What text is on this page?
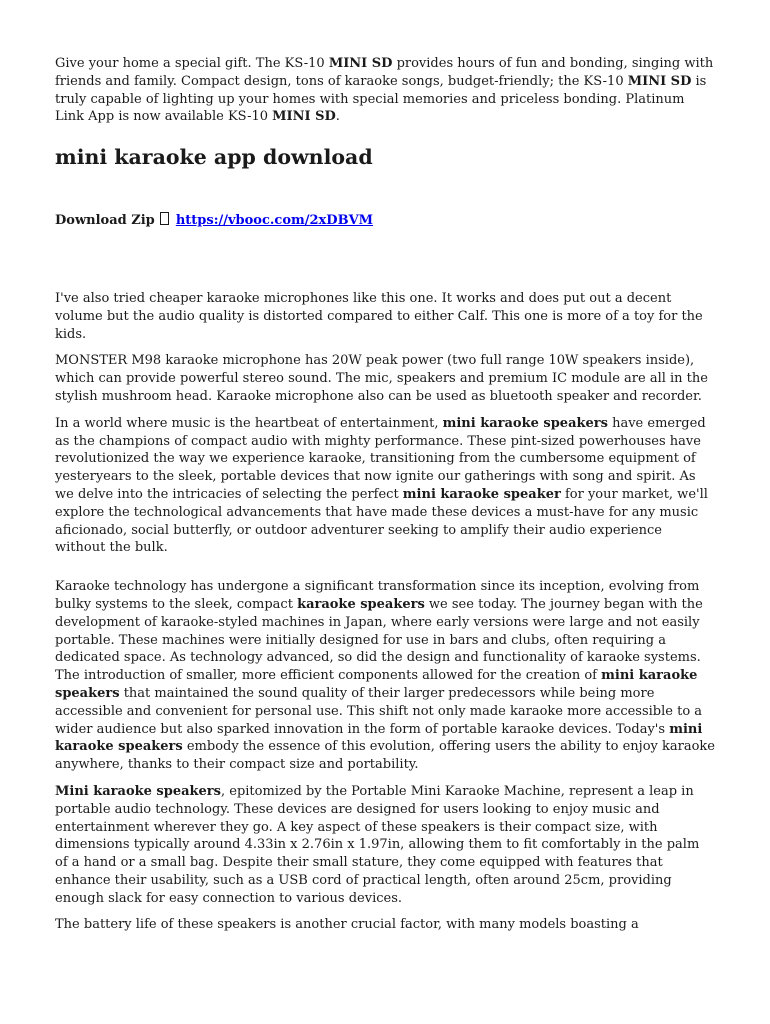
Give your home a special gift. The KS-10 MINI SD provides hours of fun and bonding, singing with friends and family. Compact design, tons of karaoke songs, budget-friendly; the KS-10 MINI SD is truly capable of lighting up your homes with special memories and priceless bonding. Platinum Link App is now available KS-10 MINI SD.

mini karaoke app download

Download Zip https://vbooc.com/2xDBVM

I've also tried cheaper karaoke microphones like this one. It works and does put out a decent volume but the audio quality is distorted compared to either Calf. This one is more of a toy for the kids.

MONSTER M98 karaoke microphone has 20W peak power (two full range 10W speakers inside), which can provide powerful stereo sound. The mic, speakers and premium IC module are all in the stylish mushroom head. Karaoke microphone also can be used as bluetooth speaker and recorder.

In a world where music is the heartbeat of entertainment, mini karaoke speakers have emerged as the champions of compact audio with mighty performance. These pint-sized powerhouses have revolutionized the way we experience karaoke, transitioning from the cumbersome equipment of yesteryears to the sleek, portable devices that now ignite our gatherings with song and spirit. As we delve into the intricacies of selecting the perfect mini karaoke speaker for your market, we'll explore the technological advancements that have made these devices a must-have for any music aficionado, social butterfly, or outdoor adventurer seeking to amplify their audio experience without the bulk.

Karaoke technology has undergone a significant transformation since its inception, evolving from bulky systems to the sleek, compact karaoke speakers we see today. The journey began with the development of karaoke-styled machines in Japan, where early versions were large and not easily portable. These machines were initially designed for use in bars and clubs, often requiring a dedicated space. As technology advanced, so did the design and functionality of karaoke systems. The introduction of smaller, more efficient components allowed for the creation of mini karaoke speakers that maintained the sound quality of their larger predecessors while being more accessible and convenient for personal use. This shift not only made karaoke more accessible to a wider audience but also sparked innovation in the form of portable karaoke devices. Today's mini karaoke speakers embody the essence of this evolution, offering users the ability to enjoy karaoke anywhere, thanks to their compact size and portability.

Mini karaoke speakers, epitomized by the Portable Mini Karaoke Machine, represent a leap in portable audio technology. These devices are designed for users looking to enjoy music and entertainment wherever they go. A key aspect of these speakers is their compact size, with dimensions typically around 4.33in x 2.76in x 1.97in, allowing them to fit comfortably in the palm of a hand or a small bag. Despite their small stature, they come equipped with features that enhance their usability, such as a USB cord of practical length, often around 25cm, providing enough slack for easy connection to various devices.

The battery life of these speakers is another crucial factor, with many models boasting a
